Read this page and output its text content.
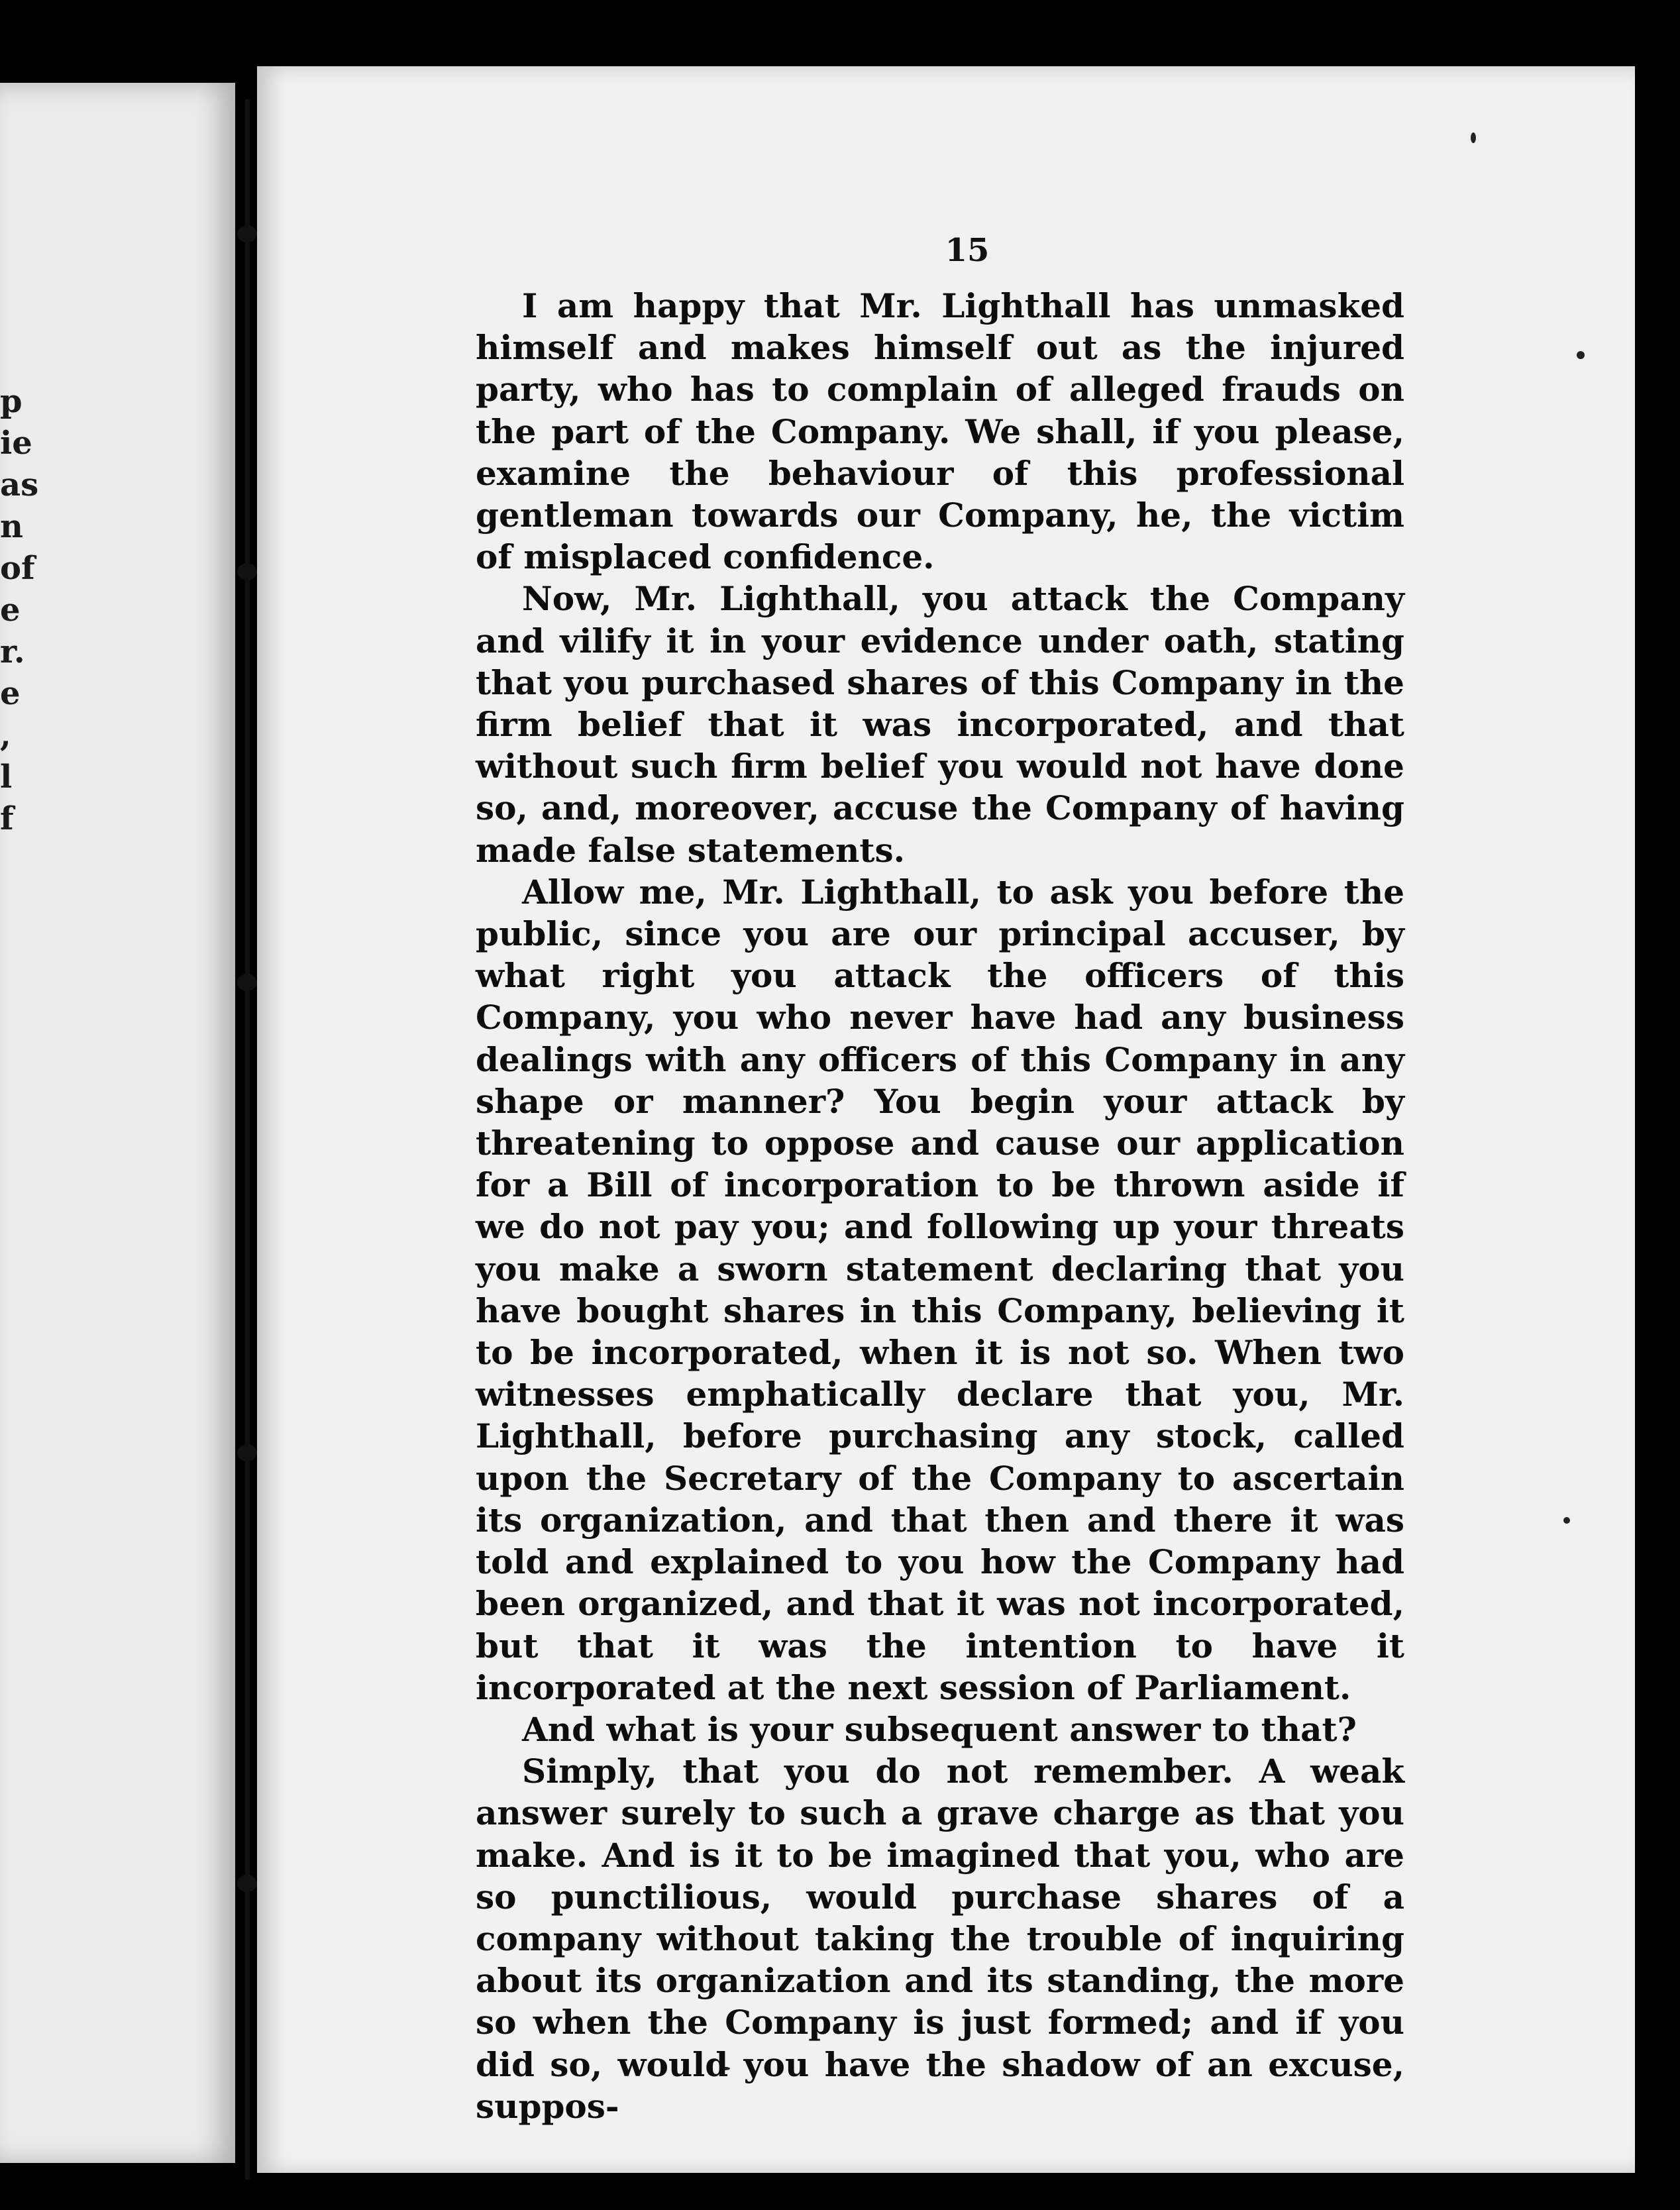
p
ie
as
n
of
e
r.
e
,
l
f
15

I am happy that Mr. Lighthall has unmasked himself and makes himself out as the injured party, who has to complain of alleged frauds on the part of the Company. We shall, if you please, examine the behaviour of this professional gentleman towards our Company, he, the victim of misplaced confidence.

Now, Mr. Lighthall, you attack the Company and vilify it in your evidence under oath, stating that you purchased shares of this Company in the firm belief that it was incorporated, and that without such firm belief you would not have done so, and, moreover, accuse the Company of having made false statements.

Allow me, Mr. Lighthall, to ask you before the public, since you are our principal accuser, by what right you attack the officers of this Company, you who never have had any business dealings with any officers of this Company in any shape or manner? You begin your attack by threatening to oppose and cause our application for a Bill of incorporation to be thrown aside if we do not pay you; and following up your threats you make a sworn statement declaring that you have bought shares in this Company, believing it to be incorporated, when it is not so. When two witnesses emphatically declare that you, Mr. Lighthall, before purchasing any stock, called upon the Secretary of the Company to ascertain its organization, and that then and there it was told and explained to you how the Company had been organized, and that it was not incorporated, but that it was the intention to have it incorporated at the next session of Parliament.

And what is your subsequent answer to that?

Simply, that you do not remember. A weak answer surely to such a grave charge as that you make. And is it to be imagined that you, who are so punctilious, would purchase shares of a company without taking the trouble of inquiring about its organization and its standing, the more so when the Company is just formed; and if you did so, would you have the shadow of an excuse, suppos-
